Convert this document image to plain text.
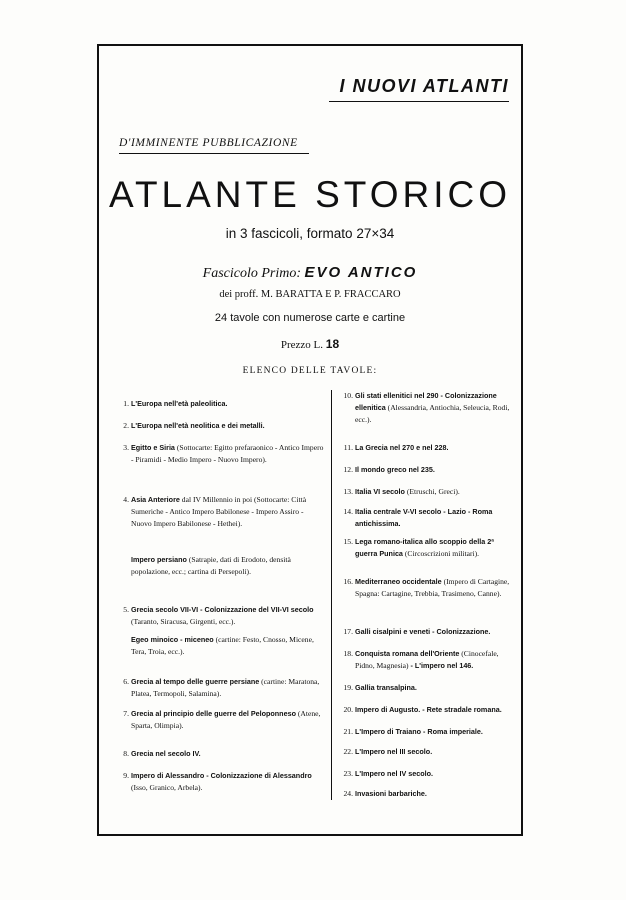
I NUOVI ATLANTI
D'IMMINENTE PUBBLICAZIONE
ATLANTE STORICO
in 3 fascicoli, formato 27×34
Fascicolo Primo: EVO ANTICO
dei proff. M. BARATTA E P. FRACCARO
24 tavole con numerose carte e cartine
Prezzo L. 18
ELENCO DELLE TAVOLE:
1. L'Europa nell'età paleolitica.
2. L'Europa nell'età neolitica e dei metalli.
3. Egitto e Siria (Sottocarte: Egitto prefaraonico - Antico Impero - Piramidi - Medio Impero - Nuovo Impero).
4. Asia Anteriore dal IV Millennio in poi (Sottocarte: Città Sumeriche - Antico Impero Babilonese - Impero Assiro - Nuovo Impero Babilonese - Hethei).
Impero persiano (Satrapie, dati di Erodoto, densità popolazione, ecc.; cartina di Persepoli).
5. Grecia secolo VII-VI - Colonizzazione del VII-VI secolo (Taranto, Siracusa, Girgenti, ecc.).
Egeo minoico - miceneo (cartine: Festo, Cnosso, Micene, Tera, Troia, ecc.).
6. Grecia al tempo delle guerre persiane (cartine: Maratona, Platea, Termopoli, Salamina).
7. Grecia al principio delle guerre del Peloponneso (Atene, Sparta, Olimpia).
8. Grecia nel secolo IV.
9. Impero di Alessandro - Colonizzazione di Alessandro (Isso, Granico, Arbela).
10. Gli stati ellenitici nel 290 - Colonizzazione ellenitica (Alessandria, Antiochia, Seleucia, Rodi, ecc.).
11. La Grecia nel 270 e nel 228.
12. Il mondo greco nel 235.
13. Italia VI secolo (Etruschi, Greci).
14. Italia centrale V-VI secolo - Lazio - Roma antichissima.
15. Lega romano-italica allo scoppio della 2ª guerra Punica (Circoscrizioni militari).
16. Mediterraneo occidentale (Impero di Cartagine, Spagna: Cartagine, Trebbia, Trasimeno, Canne).
17. Galli cisalpini e veneti - Colonizzazione.
18. Conquista romana dell'Oriente (Cinocefale, Pidno, Magnesia) - L'impero nel 146.
19. Gallia transalpina.
20. Impero di Augusto. - Rete stradale romana.
21. L'Impero di Traiano - Roma imperiale.
22. L'Impero nel III secolo.
23. L'Impero nel IV secolo.
24. Invasioni barbariche.
